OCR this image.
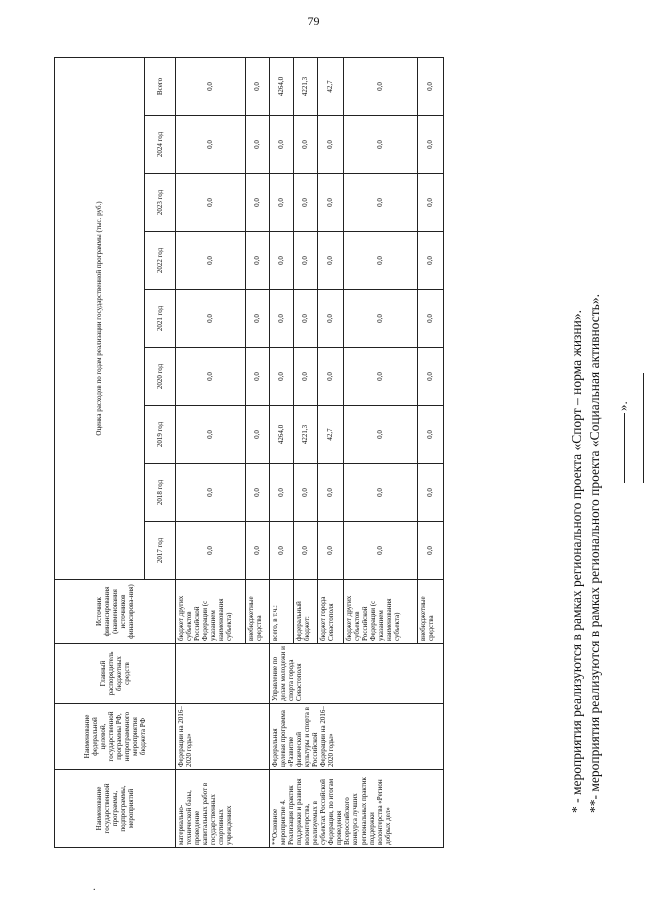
79
Наименование государственной программы, подпрограммы, мероприятий	Наименование федеральной целевой, государственной программы РФ, непрограммного мероприятия бюджета РФ	Главный распорядитель бюджетных средств	Источник финансирования (наименования источников финансирова-ния)	Оценка расходов по годам реализации государственной программы (тыс. руб.)								
				2017 год	2018 год	2019 год	2020 год	2021 год	2022 год	2023 год	2024 год	Всего
материально-технической базы, проведение капитальных работ в государственных спортивных учреждениях	Федерации на 2016–2020 годы»		бюджет других субъектов Российской Федерации (с указанием наименования субъекта)	0,0	0,0	0,0	0,0	0,0	0,0	0,0	0,0	0,0
			внебюджетные средства	0,0	0,0	0,0	0,0	0,0	0,0	0,0	0,0	0,0
**Основное мероприятие 4. Реализация практик поддержки и развития волонтерства, реализуемых в субъектах Российской Федерации, по итогам проведения Всероссийского конкурса лучших региональных практик поддержки волонтерства «Регион добрых дел»	Федеральная целевая программа «Развитие физической культуры и спорта в Российской Федерации на 2016–2020 годы»	Управление по делам молодежи и спорта города Севастополя	всего, в т.ч.:	0,0	0,0	4264,0	0,0	0,0	0,0	0,0	0,0	4264,0
			федеральный бюджет:	0,0	0,0	4221,3	0,0	0,0	0,0	0,0	0,0	4221,3
			бюджет города Севастополя	0,0	0,0	42,7	0,0	0,0	0,0	0,0	0,0	42,7
			бюджет других субъектов Российской Федерации (с указанием наименования субъекта)	0,0	0,0	0,0	0,0	0,0	0,0	0,0	0,0	0,0
			внебюджетные средства	0,0	0,0	0,0	0,0	0,0	0,0	0,0	0,0	0,0
* - мероприятия реализуются в рамках регионального проекта «Спорт – норма жизни». **- мероприятия реализуются в рамках регионального проекта «Социальная активность». ».
.
